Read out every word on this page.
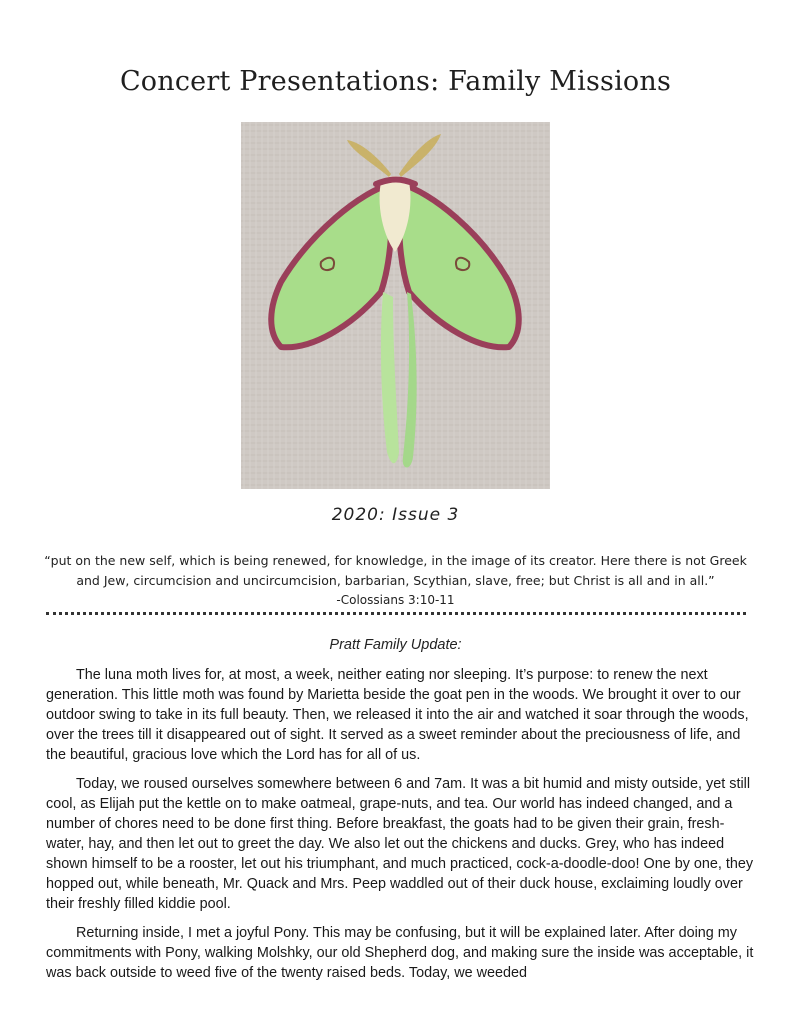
Concert Presentations: Family Missions
2020: Issue 3
“put on the new self, which is being renewed, for knowledge, in the image of its creator. Here there is not Greek and Jew, circumcision and uncircumcision, barbarian, Scythian, slave, free; but Christ is all and in all.”
-Colossians 3:10-11
Pratt Family Update:

The luna moth lives for, at most, a week, neither eating nor sleeping. It’s purpose: to renew the next generation. This little moth was found by Marietta beside the goat pen in the woods. We brought it over to our outdoor swing to take in its full beauty. Then, we released it into the air and watched it soar through the woods, over the trees till it disappeared out of sight. It served as a sweet reminder about the preciousness of life, and the beautiful, gracious love which the Lord has for all of us.

Today, we roused ourselves somewhere between 6 and 7am. It was a bit humid and misty outside, yet still cool, as Elijah put the kettle on to make oatmeal, grape-nuts, and tea. Our world has indeed changed, and a number of chores need to be done first thing. Before breakfast, the goats had to be given their grain, fresh-water, hay, and then let out to greet the day. We also let out the chickens and ducks. Grey, who has indeed shown himself to be a rooster, let out his triumphant, and much practiced, cock-a-doodle-doo! One by one, they hopped out, while beneath, Mr. Quack and Mrs. Peep waddled out of their duck house, exclaiming loudly over their freshly filled kiddie pool.

Returning inside, I met a joyful Pony. This may be confusing, but it will be explained later. After doing my commitments with Pony, walking Molshky, our old Shepherd dog, and making sure the inside was acceptable, it was back outside to weed five of the twenty raised beds. Today, we weeded
